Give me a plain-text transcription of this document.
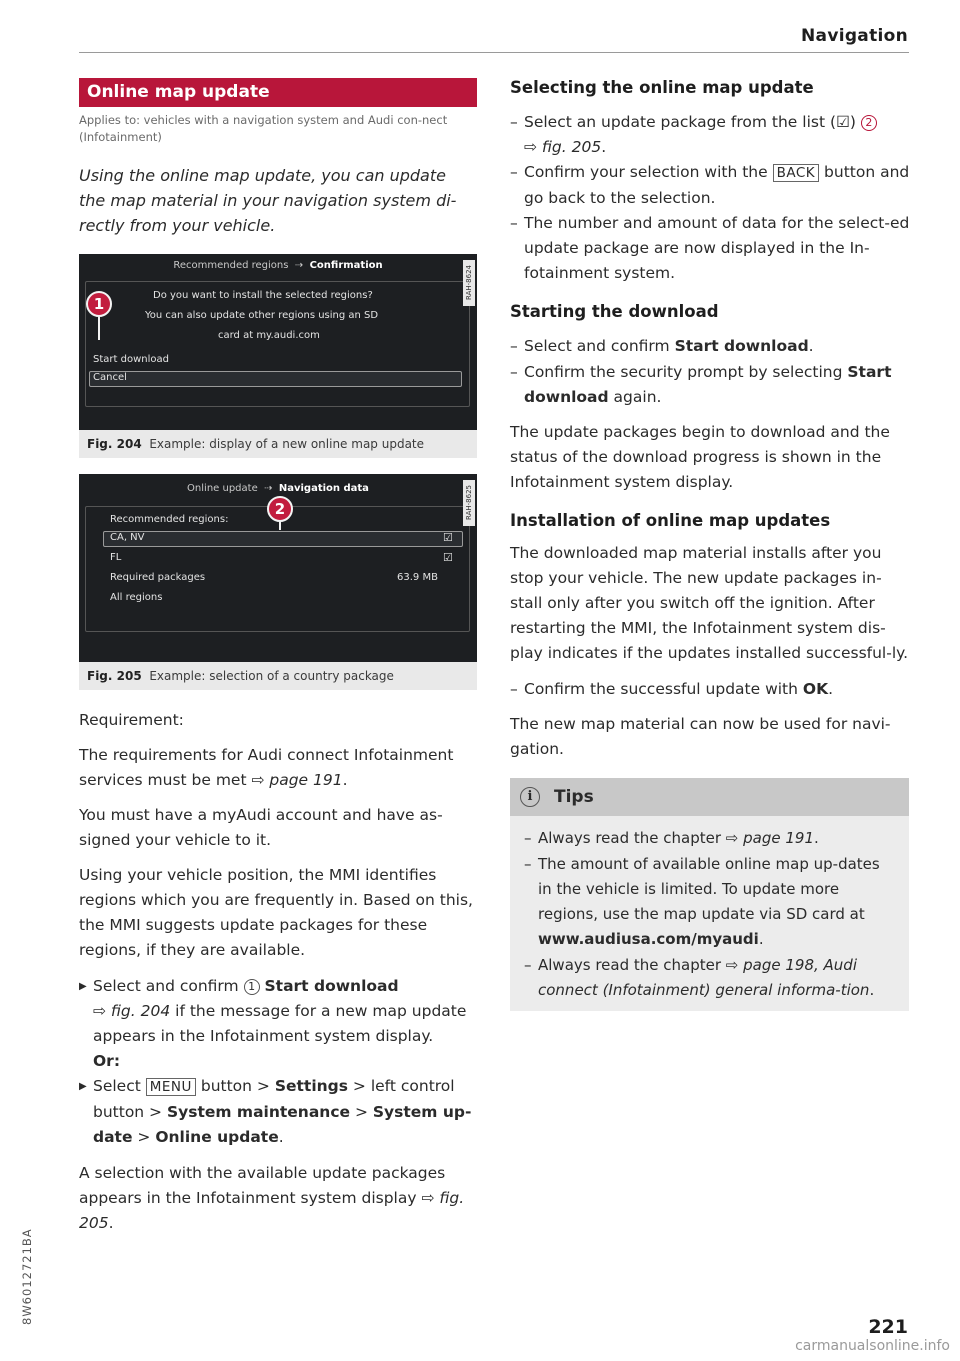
Navigation
Online map update
Applies to: vehicles with a navigation system and Audi con-nect (Infotainment)
Using the online map update, you can update the map material in your navigation system di-rectly from your vehicle.
Recommended regions  ⇢  Confirmation
Do you want to install the selected regions?
You can also update other regions using an SD
card at my.audi.com
Start download
Cancel
RAH-8624
1
Fig. 204 Example: display of a new online map update
Online update  ⇢  Navigation data
Recommended regions:
CA, NV	☑
FL	☑
Required packages	63.9 MB
All regions
RAH-8625
2
Fig. 205 Example: selection of a country package
Requirement:
The requirements for Audi connect Infotainment services must be met ⇨ page 191.
You must have a myAudi account and have as-signed your vehicle to it.
Using your vehicle position, the MMI identifies regions which you are frequently in. Based on this, the MMI suggests update packages for these regions, if they are available.
▶ Select and confirm 1 Start download
⇨ fig. 204 if the message for a new map update appears in the Infotainment system display.
Or:
▶ Select MENU button > Settings > left control button > System maintenance > System up-date > Online update.
A selection with the available update packages appears in the Infotainment system display ⇨ fig. 205.
Selecting the online map update
– Select an update package from the list (☑) 2
⇨ fig. 205.
– Confirm your selection with the BACK button and go back to the selection.
– The number and amount of data for the select-ed update package are now displayed in the In-fotainment system.
Starting the download
– Select and confirm Start download.
– Confirm the security prompt by selecting Start download again.
The update packages begin to download and the status of the download progress is shown in the Infotainment system display.
Installation of online map updates
The downloaded map material installs after you stop your vehicle. The new update packages in-stall only after you switch off the ignition. After restarting the MMI, the Infotainment system dis-play indicates if the updates installed successful-ly.
– Confirm the successful update with OK.
The new map material can now be used for navi-gation.
i	Tips
– Always read the chapter ⇨ page 191.
– The amount of available online map up-dates in the vehicle is limited. To update more regions, use the map update via SD card at www.audiusa.com/myaudi.
– Always read the chapter ⇨ page 198, Audi connect (Infotainment) general informa-tion.
8W6012721BA
221
carmanualsonline.info
